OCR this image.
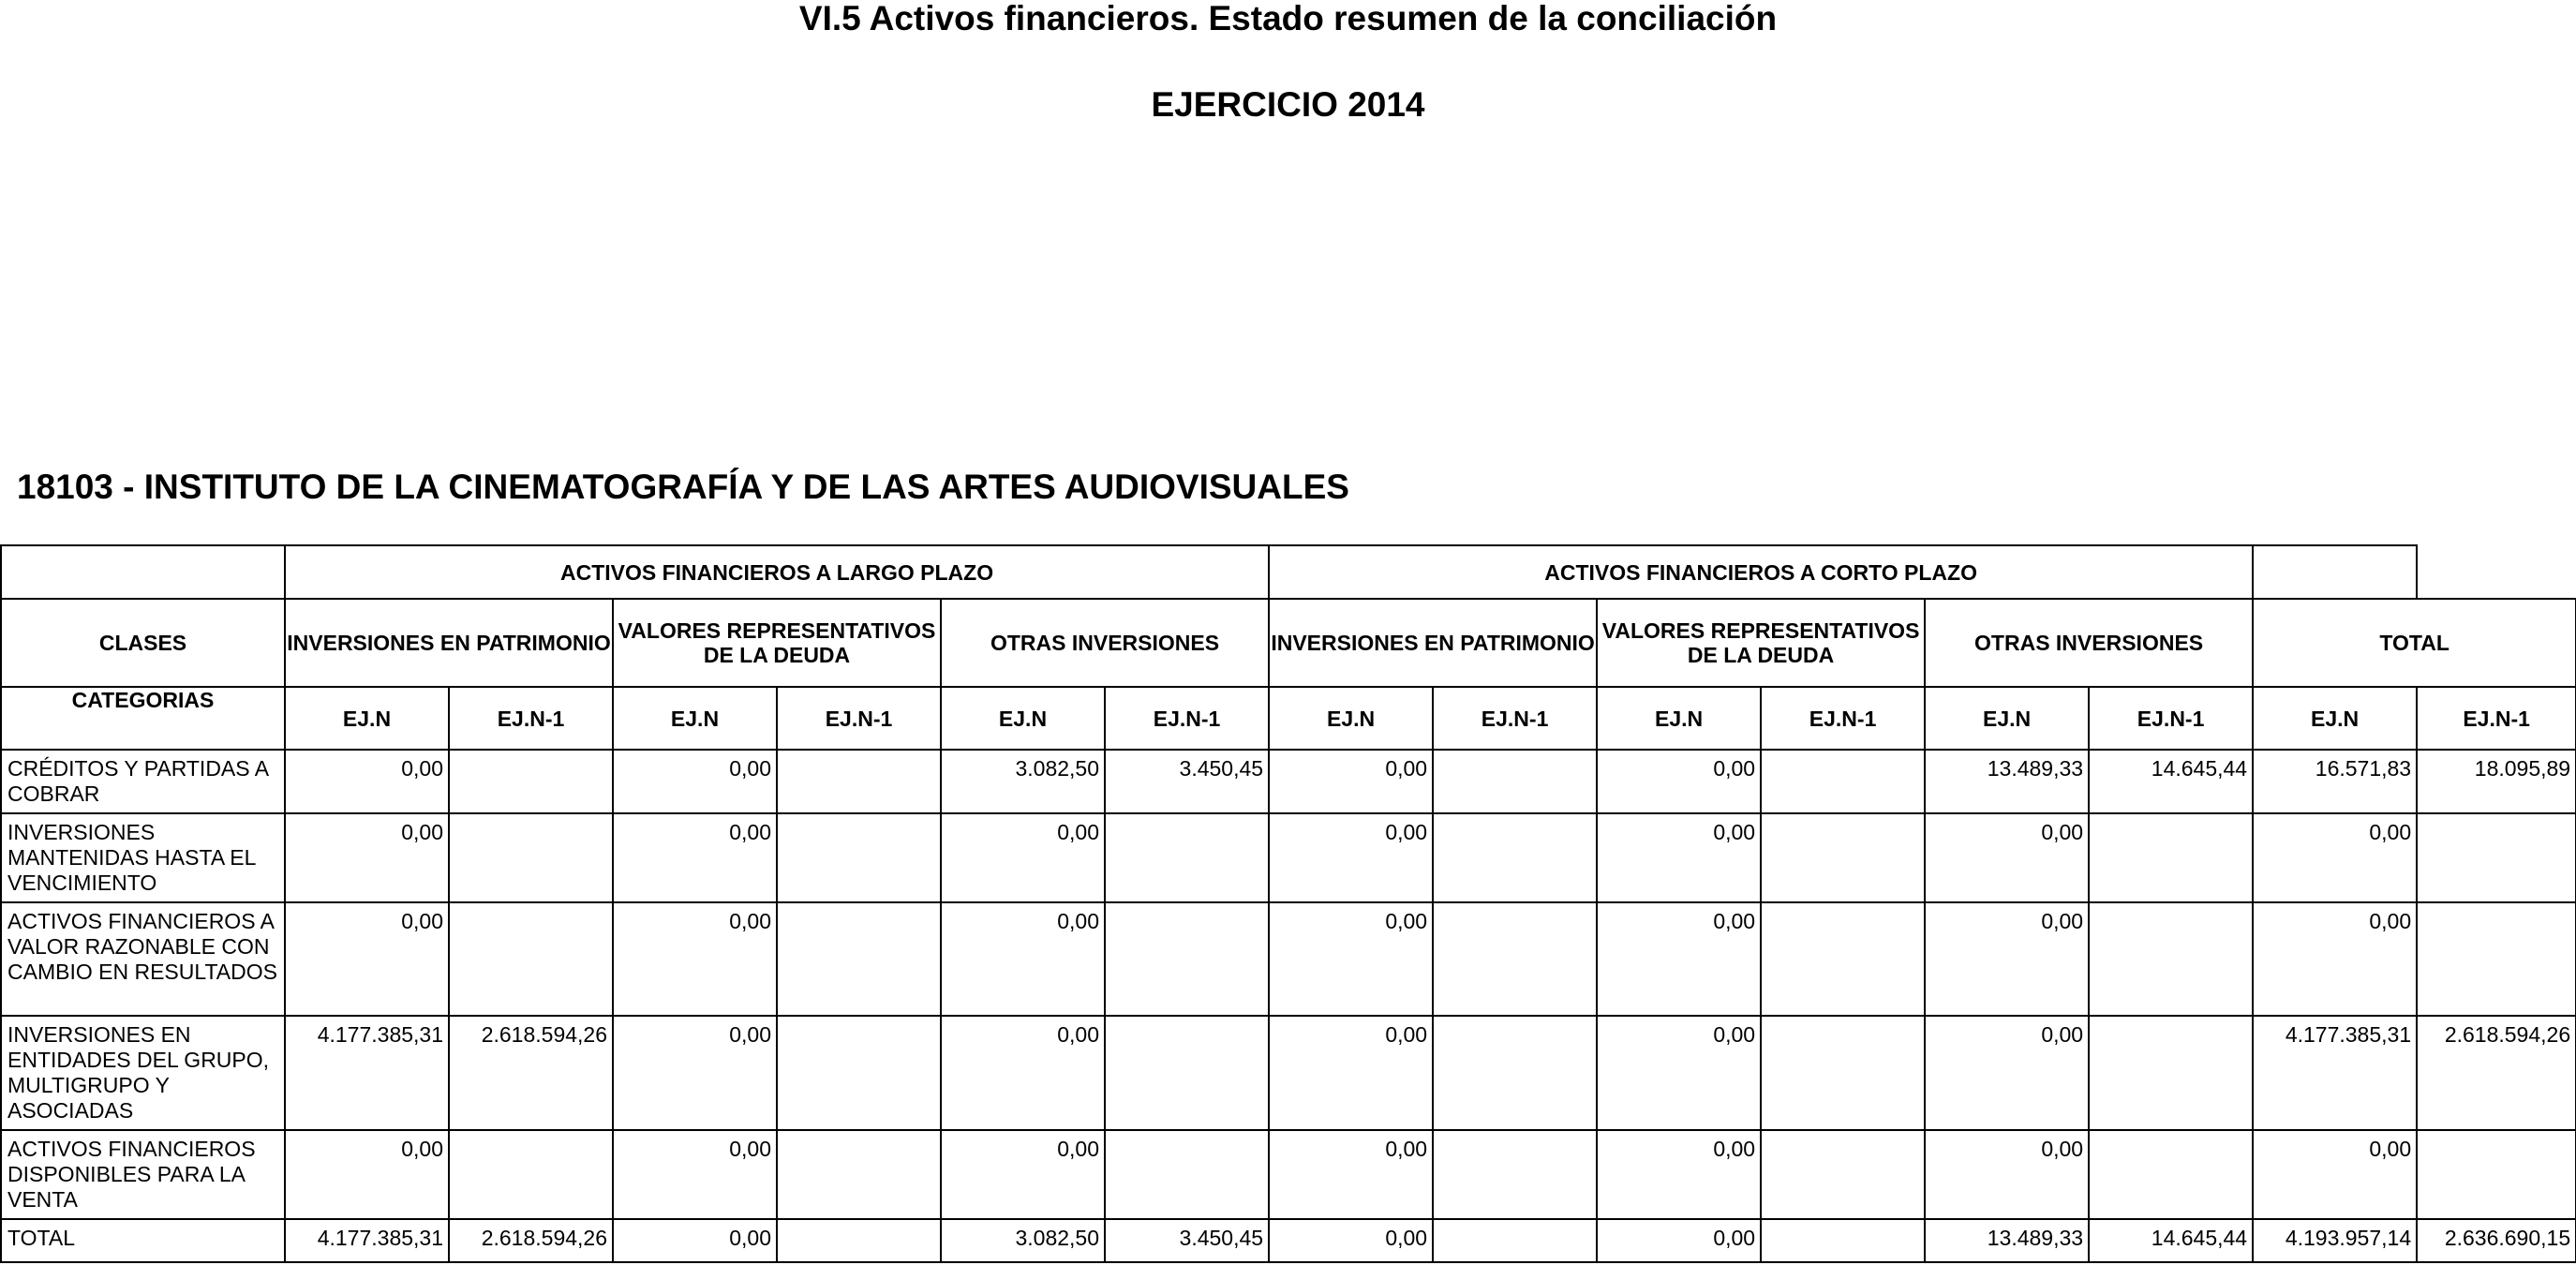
VI.5 Activos financieros. Estado resumen de la conciliación
EJERCICIO 2014
18103 - INSTITUTO DE LA CINEMATOGRAFÍA Y DE LAS ARTES AUDIOVISUALES
	ACTIVOS FINANCIEROS A LARGO PLAZO						ACTIVOS FINANCIEROS A CORTO PLAZO							
CLASES	INVERSIONES EN PATRIMONIO		VALORES REPRESENTATIVOS DE LA DEUDA		OTRAS INVERSIONES		INVERSIONES EN PATRIMONIO		VALORES REPRESENTATIVOS DE LA DEUDA		OTRAS INVERSIONES		TOTAL	
CATEGORIAS	EJ.N	EJ.N-1	EJ.N	EJ.N-1	EJ.N	EJ.N-1	EJ.N	EJ.N-1	EJ.N	EJ.N-1	EJ.N	EJ.N-1	EJ.N	EJ.N-1
CRÉDITOS Y PARTIDAS A COBRAR	0,00		0,00		3.082,50	3.450,45	0,00		0,00		13.489,33	14.645,44	16.571,83	18.095,89
INVERSIONES MANTENIDAS HASTA EL VENCIMIENTO	0,00		0,00		0,00		0,00		0,00		0,00		0,00	
ACTIVOS FINANCIEROS A VALOR RAZONABLE CON CAMBIO EN RESULTADOS	0,00		0,00		0,00		0,00		0,00		0,00		0,00	
INVERSIONES EN ENTIDADES DEL GRUPO, MULTIGRUPO Y ASOCIADAS	4.177.385,31	2.618.594,26	0,00		0,00		0,00		0,00		0,00		4.177.385,31	2.618.594,26
ACTIVOS FINANCIEROS DISPONIBLES PARA LA VENTA	0,00		0,00		0,00		0,00		0,00		0,00		0,00	
TOTAL	4.177.385,31	2.618.594,26	0,00		3.082,50	3.450,45	0,00		0,00		13.489,33	14.645,44	4.193.957,14	2.636.690,15
